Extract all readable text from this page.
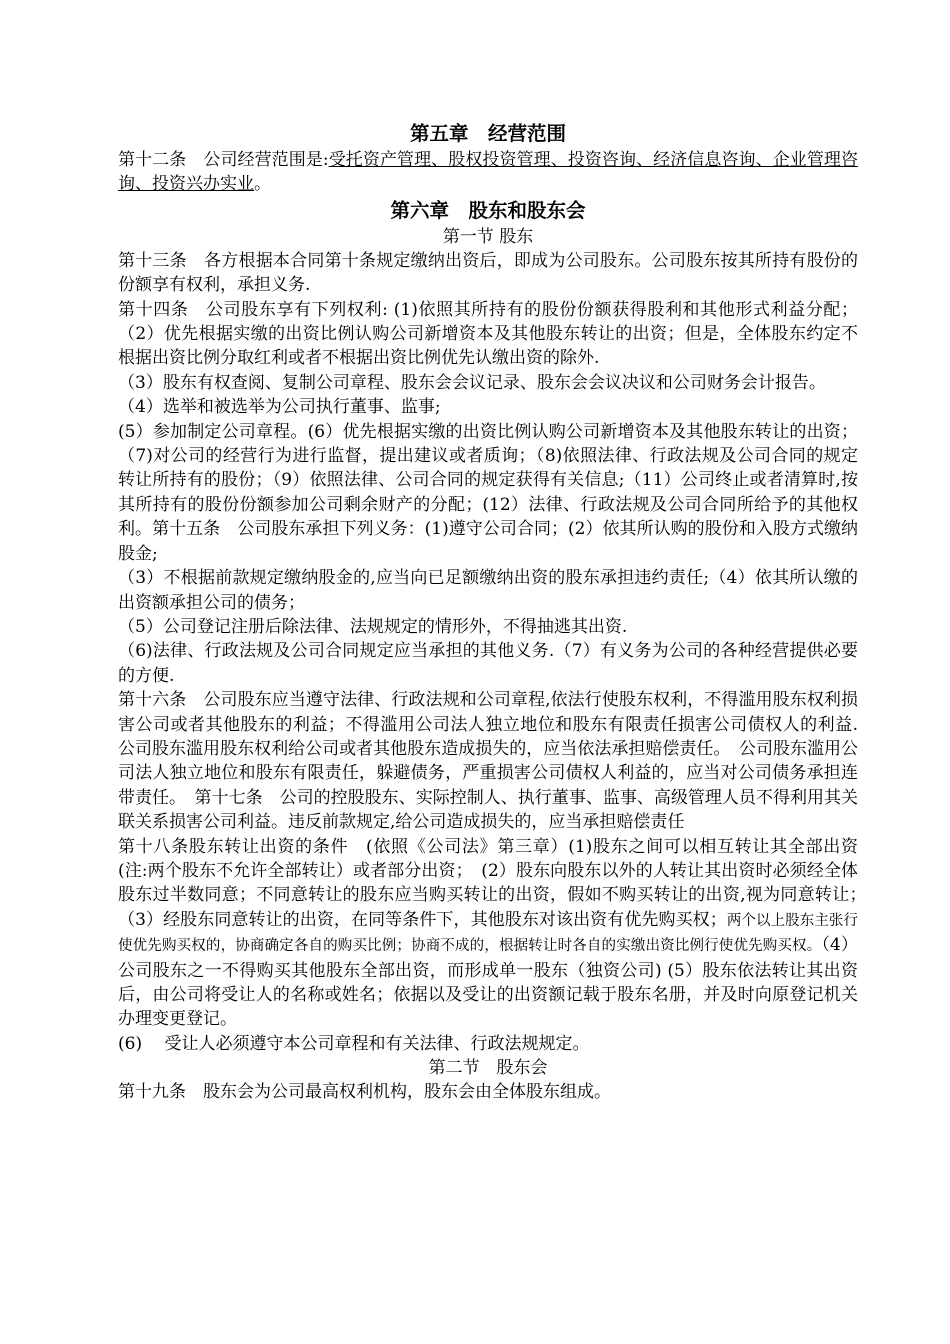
第五章　经营范围

第十二条　公司经营范围是:受托资产管理、股权投资管理、投资咨询、经济信息咨询、企业管理咨询、投资兴办实业。

第六章　股东和股东会
第一节 股东

第十三条　各方根据本合同第十条规定缴纳出资后，即成为公司股东。公司股东按其所持有股份的份额享有权利，承担义务.

第十四条　公司股东享有下列权利: (1)依照其所持有的股份份额获得股利和其他形式利益分配；（2）优先根据实缴的出资比例认购公司新增资本及其他股东转让的出资；但是，全体股东约定不根据出资比例分取红利或者不根据出资比例优先认缴出资的除外.

（3）股东有权查阅、复制公司章程、股东会会议记录、股东会会议决议和公司财务会计报告。

（4）选举和被选举为公司执行董事、监事;

(5）参加制定公司章程。(6）优先根据实缴的出资比例认购公司新增资本及其他股东转让的出资；（7)对公司的经营行为进行监督，提出建议或者质询；（8)依照法律、行政法规及公司合同的规定转让所持有的股份；（9）依照法律、公司合同的规定获得有关信息;（11）公司终止或者清算时,按其所持有的股份份额参加公司剩余财产的分配；(12）法律、行政法规及公司合同所给予的其他权利。第十五条　公司股东承担下列义务：(1)遵守公司合同；(2）依其所认购的股份和入股方式缴纳股金;

（3）不根据前款规定缴纳股金的,应当向已足额缴纳出资的股东承担违约责任;（4）依其所认缴的出资额承担公司的债务；

（5）公司登记注册后除法律、法规规定的情形外，不得抽逃其出资.

（6)法律、行政法规及公司合同规定应当承担的其他义务.（7）有义务为公司的各种经营提供必要的方便.

第十六条　公司股东应当遵守法律、行政法规和公司章程,依法行使股东权利，不得滥用股东权利损害公司或者其他股东的利益；不得滥用公司法人独立地位和股东有限责任损害公司债权人的利益. 公司股东滥用股东权利给公司或者其他股东造成损失的，应当依法承担赔偿责任。　公司股东滥用公司法人独立地位和股东有限责任，躲避债务，严重损害公司债权人利益的，应当对公司债务承担连带责任。　第十七条　公司的控股股东、实际控制人、执行董事、监事、高级管理人员不得利用其关联关系损害公司利益。违反前款规定,给公司造成损失的，应当承担赔偿责任

第十八条股东转让出资的条件　(依照《公司法》第三章）(1)股东之间可以相互转让其全部出资(注:两个股东不允许全部转让）或者部分出资；　(2）股东向股东以外的人转让其出资时必须经全体股东过半数同意；不同意转让的股东应当购买转让的出资，假如不购买转让的出资,视为同意转让；　（3）经股东同意转让的出资，在同等条件下，其他股东对该出资有优先购买权；两个以上股东主张行使优先购买权的，协商确定各自的购买比例；协商不成的，根据转让时各自的实缴出资比例行使优先购买权。（4）公司股东之一不得购买其他股东全部出资，而形成单一股东（独资公司) (5）股东依法转让其出资后，由公司将受让人的名称或姓名；依据以及受让的出资额记载于股东名册，并及时向原登记机关办理变更登记。

(6)　 受让人必须遵守本公司章程和有关法律、行政法规规定。

第二节　股东会

第十九条　股东会为公司最高权利机构，股东会由全体股东组成。
